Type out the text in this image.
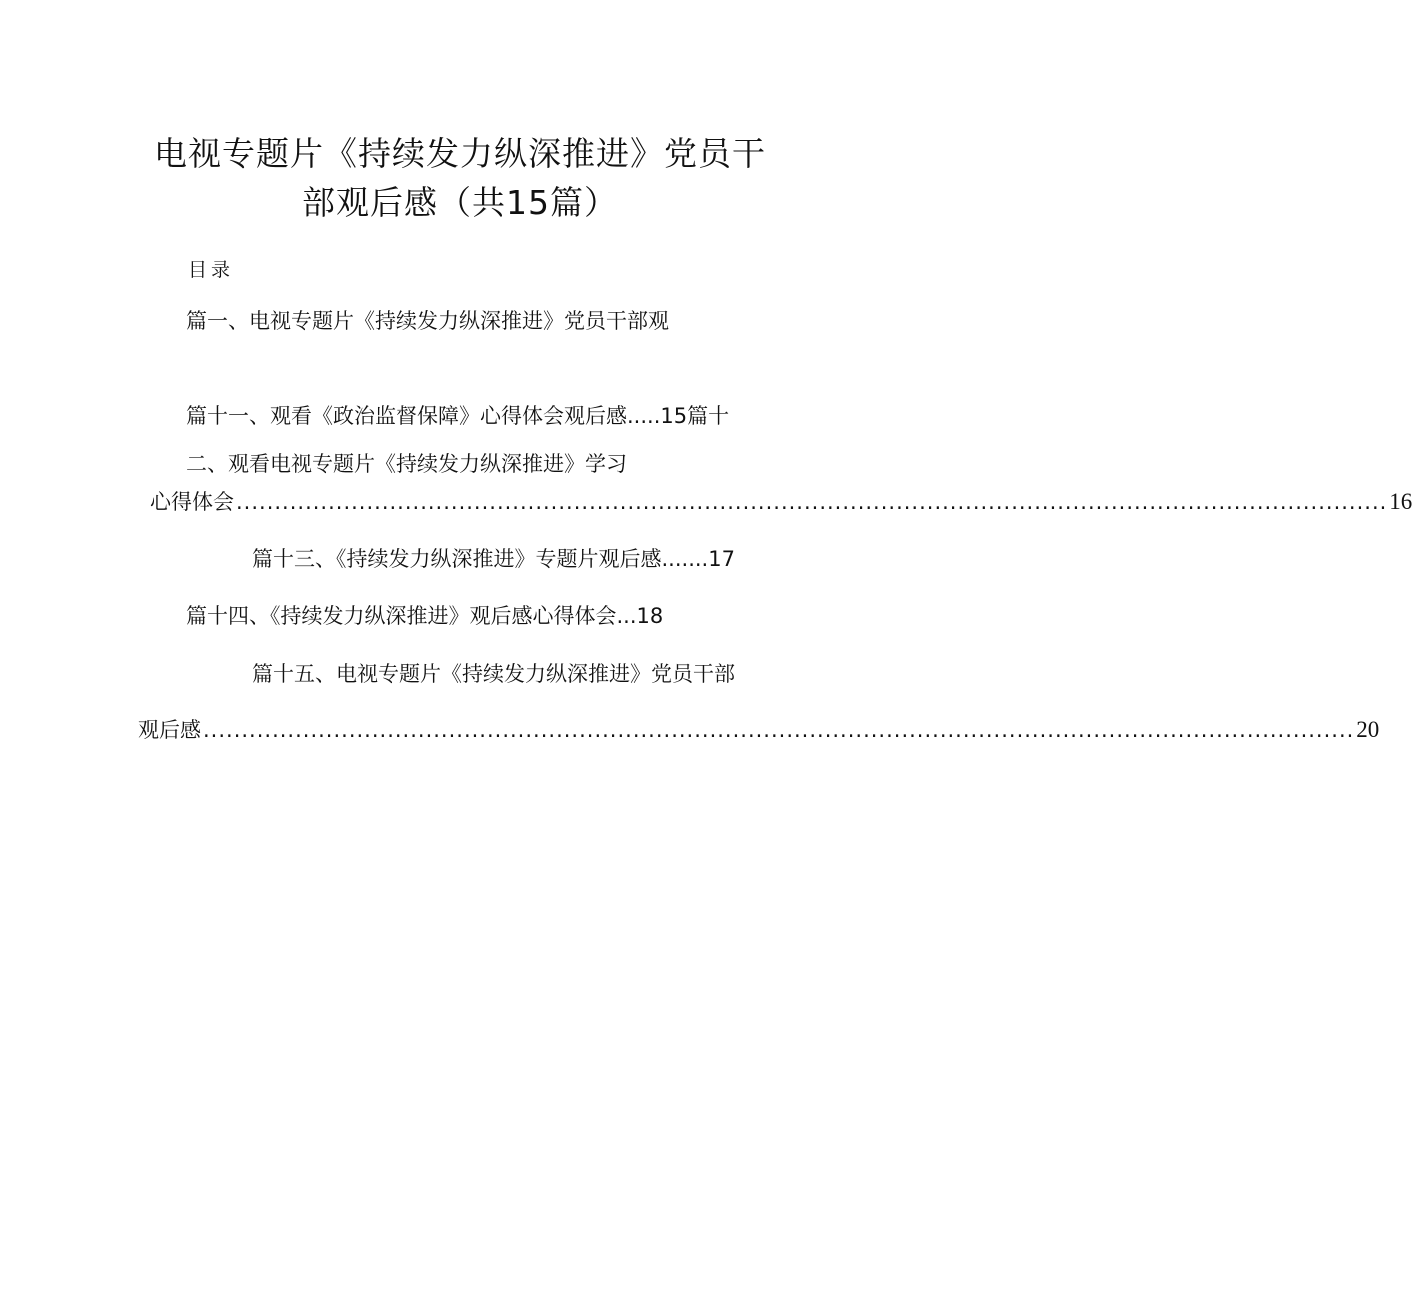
电视专题片《持续发力纵深推进》党员干
部观后感（共15篇）
目录
篇一、电视专题片《持续发力纵深推进》党员干部观
篇十一、观看《政治监督保障》心得体会观后感.....15篇十
二、观看电视专题片《持续发力纵深推进》学习
心得体会 ...................................................................................................................................................... 16
篇十三、《持续发力纵深推进》专题片观后感.......17
篇十四、《持续发力纵深推进》观后感心得体会...18
篇十五、电视专题片《持续发力纵深推进》党员干部
观后感 ...................................................................................................................................................... 20
